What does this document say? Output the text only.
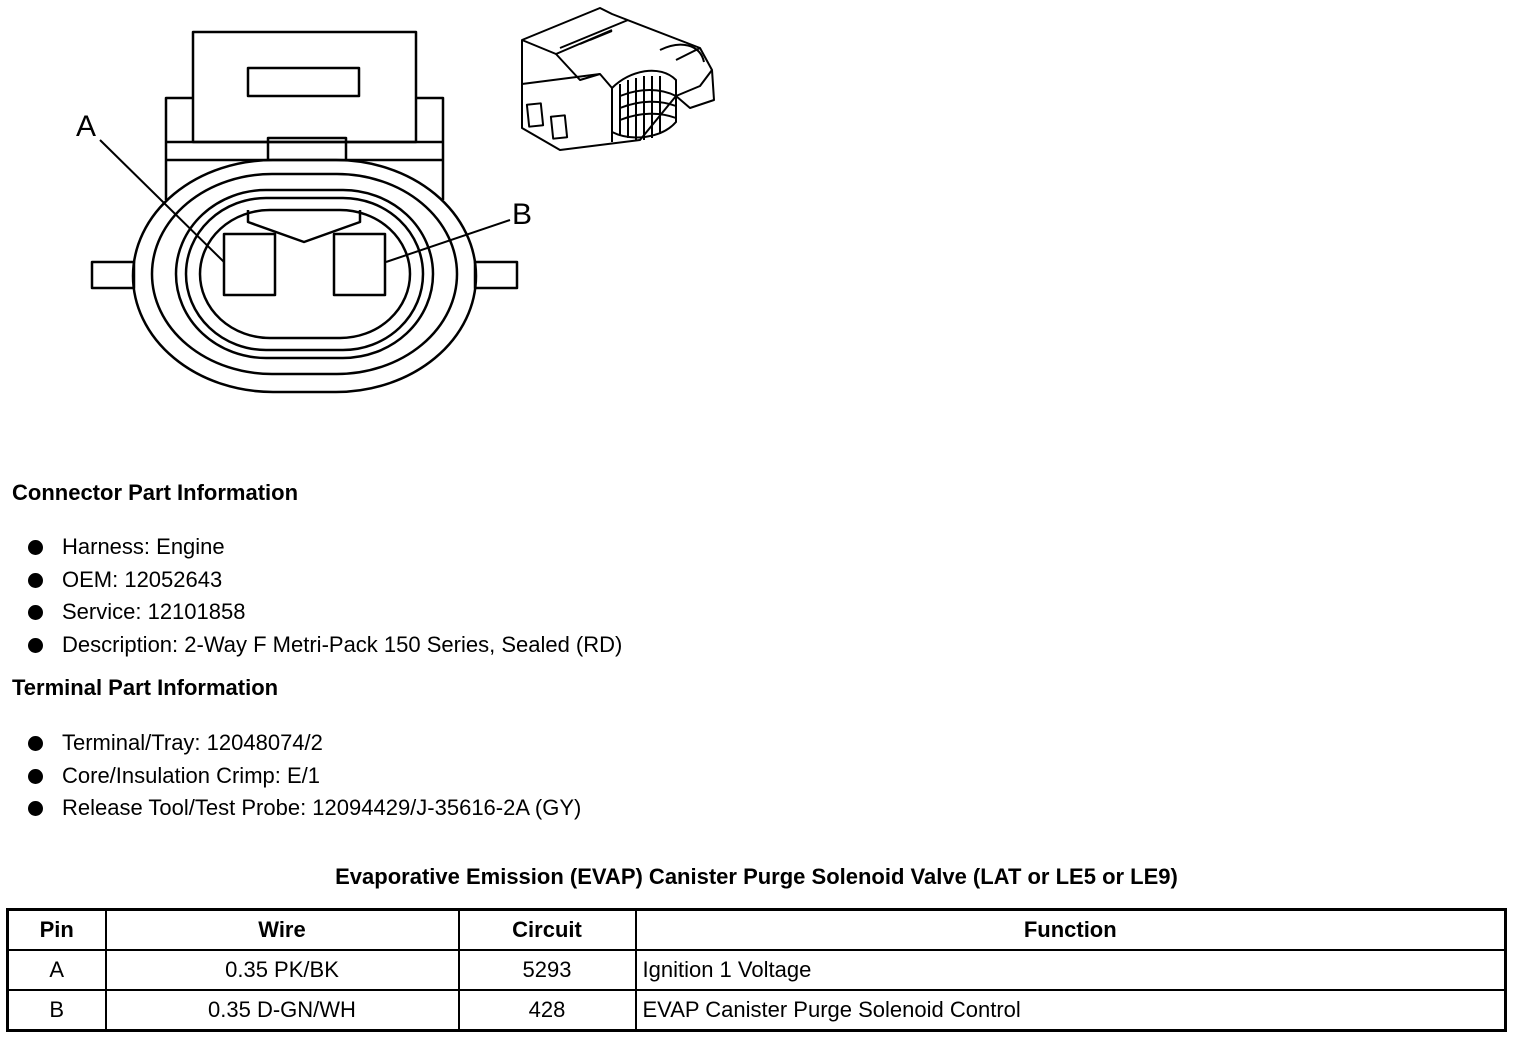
A
B
Connector Part Information
Harness: Engine
OEM: 12052643
Service: 12101858
Description: 2-Way F Metri-Pack 150 Series, Sealed (RD)
Terminal Part Information
Terminal/Tray: 12048074/2
Core/Insulation Crimp: E/1
Release Tool/Test Probe: 12094429/J-35616-2A (GY)
Evaporative Emission (EVAP) Canister Purge Solenoid Valve (LAT or LE5 or LE9)
Pin	Wire	Circuit	Function
A	0.35 PK/BK	5293	Ignition 1 Voltage
B	0.35 D-GN/WH	428	EVAP Canister Purge Solenoid Control
